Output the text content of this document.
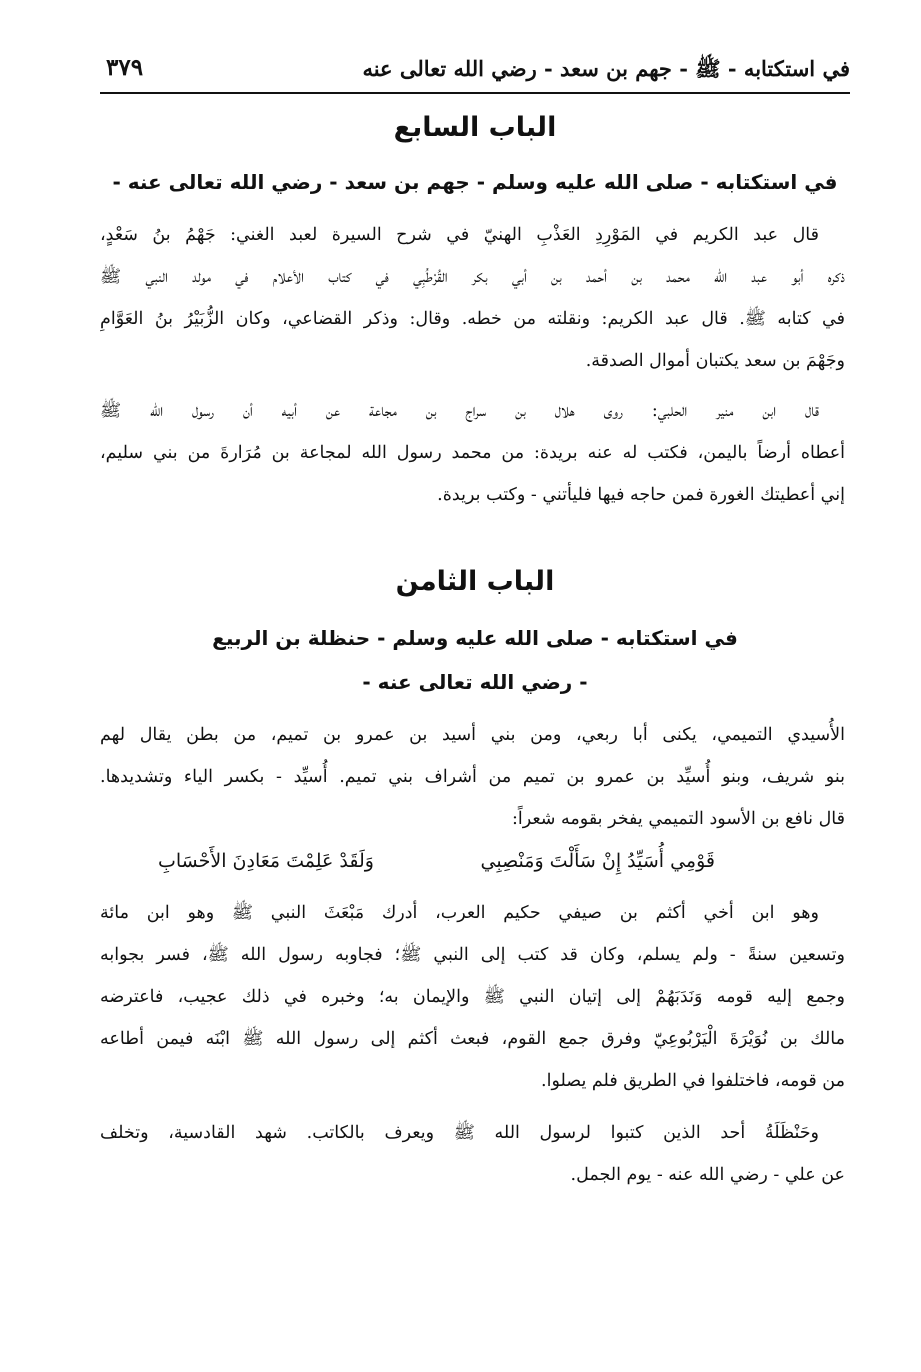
في استكتابه - ﷺ - جهم بن سعد - رضي الله تعالى عنه
٣٧٩
الباب السابع
في استكتابه - صلى الله عليه وسلم - جهم بن سعد - رضي الله تعالى عنه -
قال عبد الكريم في المَوْرِدِ العَذْبِ الهنيّ في شرح السيرة لعبد الغني: جَهْمُ بنُ سَعْدٍ،
ذكره أبو عبد الله محمد بن أحمد بن أبي بكر القُرْطُبِي في كتاب الأعلام في مولد النبي ﷺ
في كتابه ﷺ. قال عبد الكريم: ونقلته من خطه. وقال: وذكر القضاعي، وكان الزُّبَيْرُ بنُ العَوَّامِ
وجَهْمَ بن سعد يكتبان أموال الصدقة.
قال ابن منير الحلبي: روى هلال بن سراج بن مجاعة عن أبيه أن رسول الله ﷺ
أعطاه أرضاً باليمن، فكتب له عنه بريدة: من محمد رسول الله لمجاعة بن مُرَارةَ من بني سليم،
إني أعطيتك الغورة فمن حاجه فيها فليأتني - وكتب بريدة.
الباب الثامن
في استكتابه - صلى الله عليه وسلم - حنظلة بن الربيع
- رضي الله تعالى عنه -
الأُسيدي التميمي، يكنى أبا ربعي، ومن بني أسيد بن عمرو بن تميم، من بطن يقال لهم
بنو شريف، وبنو أُسيِّد بن عمرو بن تميم من أشراف بني تميم. أُسيِّد - بكسر الياء وتشديدها.
قال نافع بن الأسود التميمي يفخر بقومه شعراً:
قَوْمِي أُسَيِّدُ إِنْ سَأَلْتَ وَمَنْصِبِي
وَلَقَدْ عَلِمْتَ مَعَادِنَ الأَحْسَابِ
وهو ابن أخي أكثم بن صيفي حكيم العرب، أدرك مَبْعَثَ النبي ﷺ وهو ابن مائة
وتسعين سنةً - ولم يسلم، وكان قد كتب إلى النبي ﷺ؛ فجاوبه رسول الله ﷺ، فسر بجوابه
وجمع إليه قومه وَنَدَبَهُمْ إلى إتيان النبي ﷺ والإيمان به؛ وخبره في ذلك عجيب، فاعترضه
مالك بن نُوَيْرَةَ الْيَرْبُوعِيّ وفرق جمع القوم، فبعث أكثم إلى رسول الله ﷺ ابْنَه فيمن أطاعه
من قومه، فاختلفوا في الطريق فلم يصلوا.
وحَنْظَلَةُ أحد الذين كتبوا لرسول الله ﷺ ويعرف بالكاتب. شهد القادسية، وتخلف
عن علي - رضي الله عنه - يوم الجمل.
